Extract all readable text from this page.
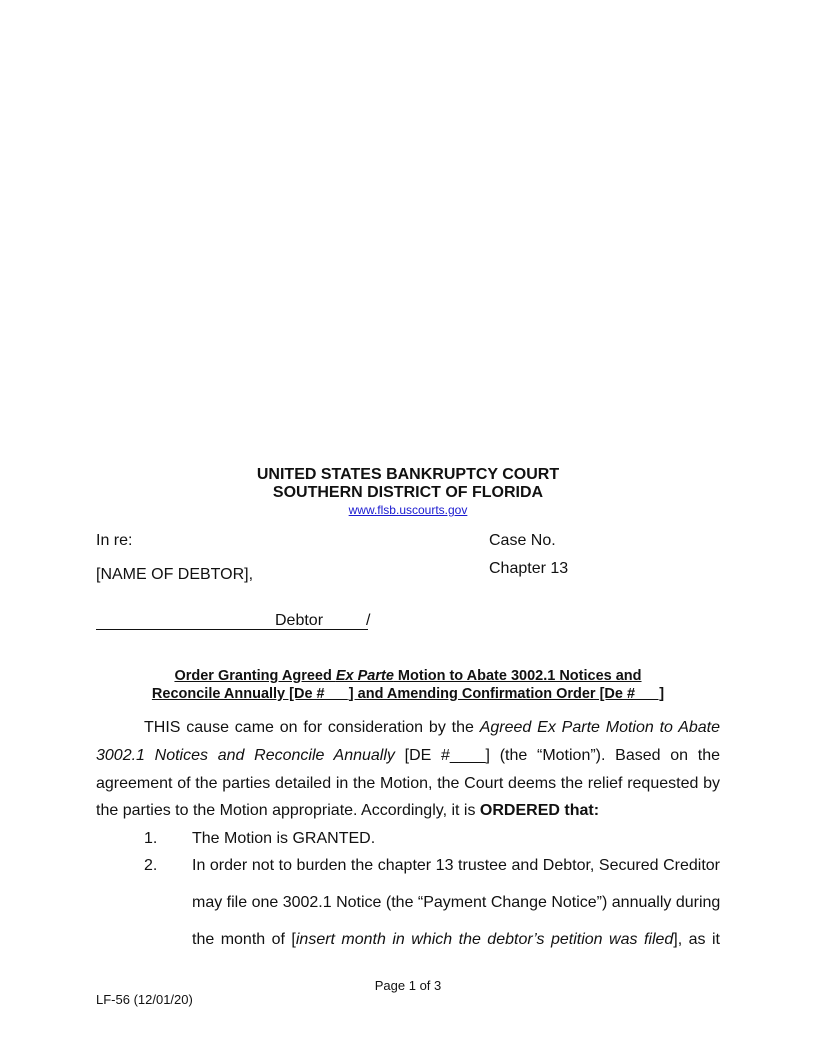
UNITED STATES BANKRUPTCY COURT
SOUTHERN DISTRICT OF FLORIDA
www.flsb.uscourts.gov
In re:
[NAME OF DEBTOR],
Case No.
Chapter 13
Debtor	/
Order Granting Agreed Ex Parte Motion to Abate 3002.1 Notices and
Reconcile Annually [De #___] and Amending Confirmation Order [De #___]
THIS cause came on for consideration by the Agreed Ex Parte Motion to Abate
3002.1 Notices and Reconcile Annually [DE #____] (the “Motion”). Based on the
agreement of the parties detailed in the Motion, the Court deems the relief requested by
the parties to the Motion appropriate. Accordingly, it is ORDERED that:
1. The Motion is GRANTED.
2. In order not to burden the chapter 13 trustee and Debtor, Secured Creditor
may file one 3002.1 Notice (the “Payment Change Notice”) annually during
the month of [insert month in which the debtor’s petition was filed], as it
Page 1 of 3
LF-56 (12/01/20)
